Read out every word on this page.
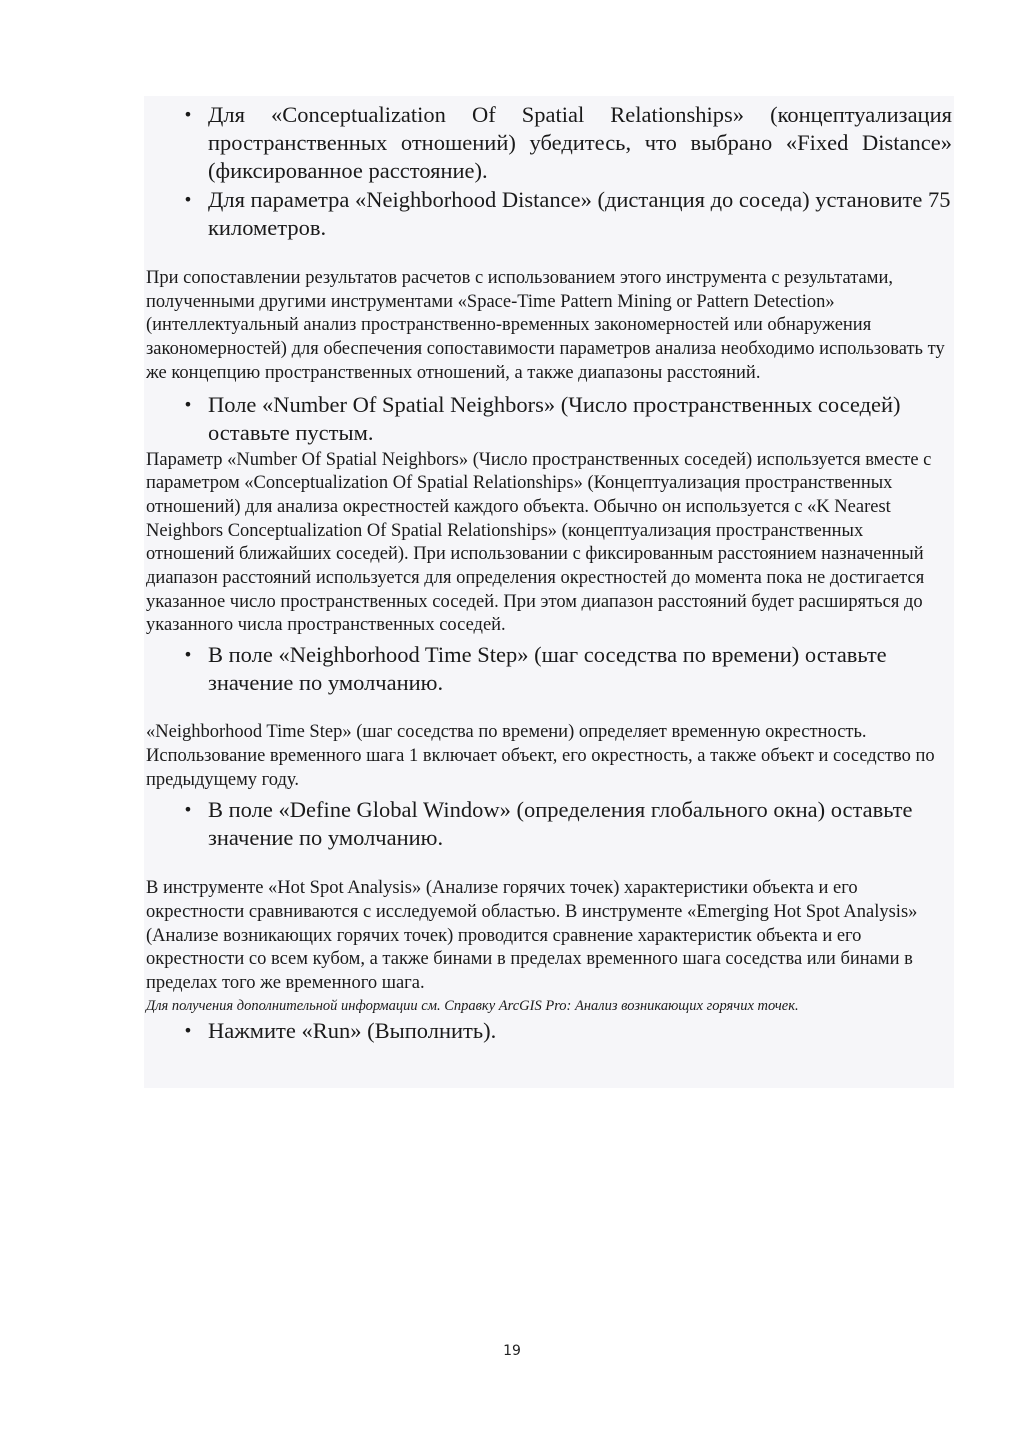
• Для «Conceptualization Of Spatial Relationships» (концептуализация пространственных отношений) убедитесь, что выбрано «Fixed Distance» (фиксированное расстояние).
• Для параметра «Neighborhood Distance» (дистанция до соседа) установите 75 километров.

При сопоставлении результатов расчетов с использованием этого инструмента с результатами, полученными другими инструментами «Space-Time Pattern Mining or Pattern Detection» (интеллектуальный анализ пространственно-временных закономерностей или обнаружения закономерностей) для обеспечения сопоставимости параметров анализа необходимо использовать ту же концепцию пространственных отношений, а также диапазоны расстояний.

• Поле «Number Of Spatial Neighbors» (Число пространственных соседей) оставьте пустым.

Параметр «Number Of Spatial Neighbors» (Число пространственных соседей) используется вместе с параметром «Conceptualization Of Spatial Relationships» (Концептуализация пространственных отношений) для анализа окрестностей каждого объекта. Обычно он используется с «K Nearest Neighbors Conceptualization Of Spatial Relationships» (концептуализация пространственных отношений ближайших соседей). При использовании с фиксированным расстоянием назначенный диапазон расстояний используется для определения окрестностей до момента пока не достигается указанное число пространственных соседей. При этом диапазон расстояний будет расширяться до указанного числа пространственных соседей.

• В поле «Neighborhood Time Step» (шаг соседства по времени) оставьте значение по умолчанию.

«Neighborhood Time Step» (шаг соседства по времени) определяет временную окрестность. Использование временного шага 1 включает объект, его окрестность, а также объект и соседство по предыдущему году.

• В поле «Define Global Window» (определения глобального окна) оставьте значение по умолчанию.

В инструменте «Hot Spot Analysis» (Анализе горячих точек) характеристики объекта и его окрестности сравниваются с исследуемой областью. В инструменте «Emerging Hot Spot Analysis» (Анализе возникающих горячих точек) проводится сравнение характеристик объекта и его окрестности со всем кубом, а также бинами в пределах временного шага соседства или бинами в пределах того же временного шага.

Для получения дополнительной информации см. Справку ArcGIS Pro: Анализ возникающих горячих точек.

• Нажмите «Run» (Выполнить).
19
